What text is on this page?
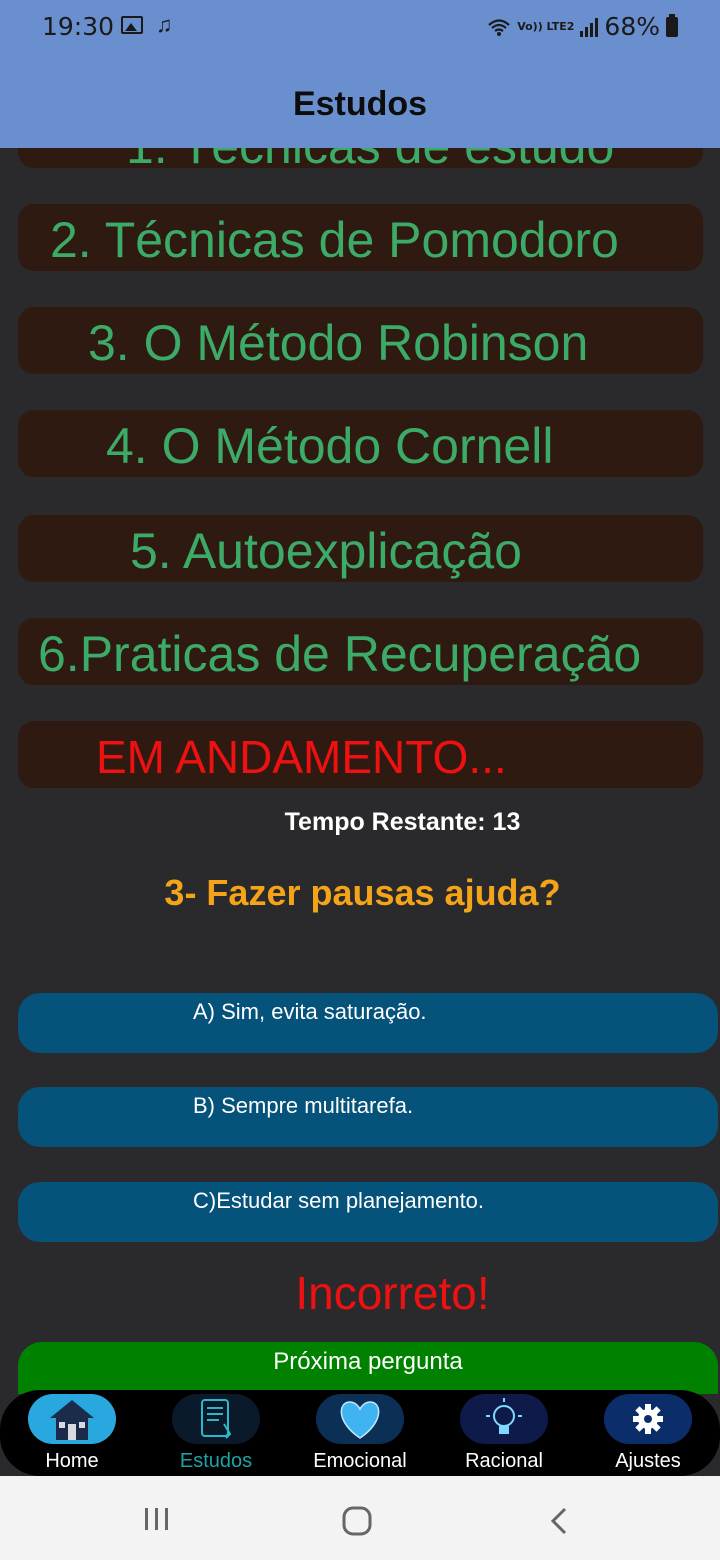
19:30 ♫	Vo)) LTE2 68%
Estudos
2. Técnicas de Pomodoro
3. O Método Robinson
4. O Método Cornell
5. Autoexplicação
6.Praticas de Recuperação
EM ANDAMENTO...
Tempo Restante: 13
3- Fazer pausas ajuda?
A) Sim, evita saturação.
B) Sempre multitarefa.
C)Estudar sem planejamento.
Incorreto!
Próxima pergunta
Home	Estudos	Emocional	Racional	Ajustes
